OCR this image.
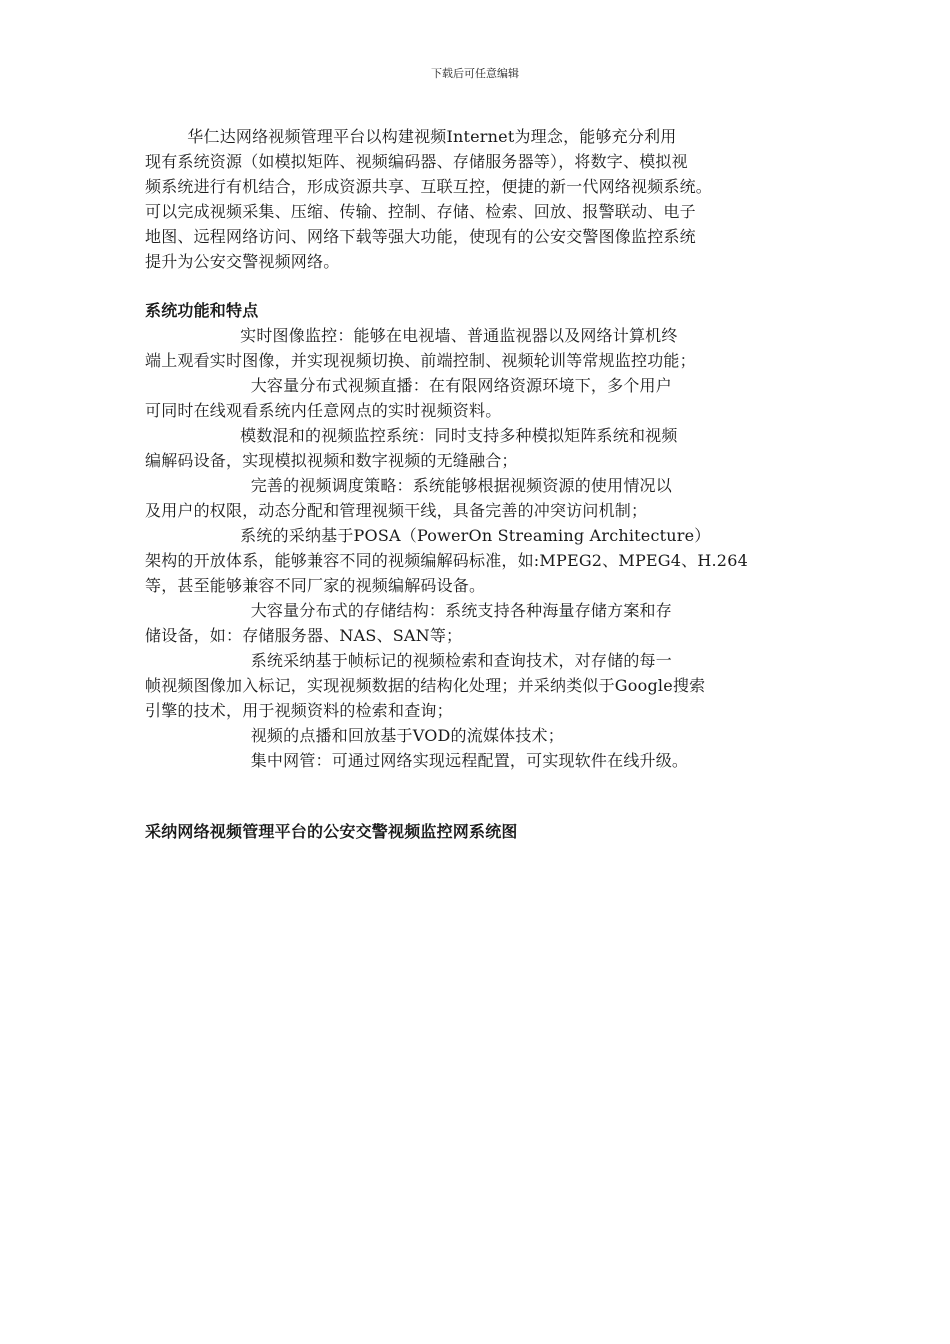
下载后可任意编辑
华仁达网络视频管理平台以构建视频Internet为理念，能够充分利用
现有系统资源（如模拟矩阵、视频编码器、存储服务器等），将数字、模拟视
频系统进行有机结合，形成资源共享、互联互控，便捷的新一代网络视频系统。
可以完成视频采集、压缩、传输、控制、存储、检索、回放、报警联动、电子
地图、远程网络访问、网络下载等强大功能，使现有的公安交警图像监控系统
提升为公安交警视频网络。
系统功能和特点
实时图像监控：能够在电视墙、普通监视器以及网络计算机终
端上观看实时图像，并实现视频切换、前端控制、视频轮训等常规监控功能；
大容量分布式视频直播：在有限网络资源环境下，多个用户
可同时在线观看系统内任意网点的实时视频资料。
模数混和的视频监控系统：同时支持多种模拟矩阵系统和视频
编解码设备，实现模拟视频和数字视频的无缝融合；
完善的视频调度策略：系统能够根据视频资源的使用情况以
及用户的权限，动态分配和管理视频干线，具备完善的冲突访问机制；
系统的采纳基于POSA（PowerOn Streaming Architecture）
架构的开放体系，能够兼容不同的视频编解码标准，如:MPEG2、MPEG4、H.264
等，甚至能够兼容不同厂家的视频编解码设备。
大容量分布式的存储结构：系统支持各种海量存储方案和存
储设备，如：存储服务器、NAS、SAN等；
系统采纳基于帧标记的视频检索和查询技术，对存储的每一
帧视频图像加入标记，实现视频数据的结构化处理；并采纳类似于Google搜索
引擎的技术，用于视频资料的检索和查询；
视频的点播和回放基于VOD的流媒体技术；
集中网管：可通过网络实现远程配置，可实现软件在线升级。
采纳网络视频管理平台的公安交警视频监控网系统图
